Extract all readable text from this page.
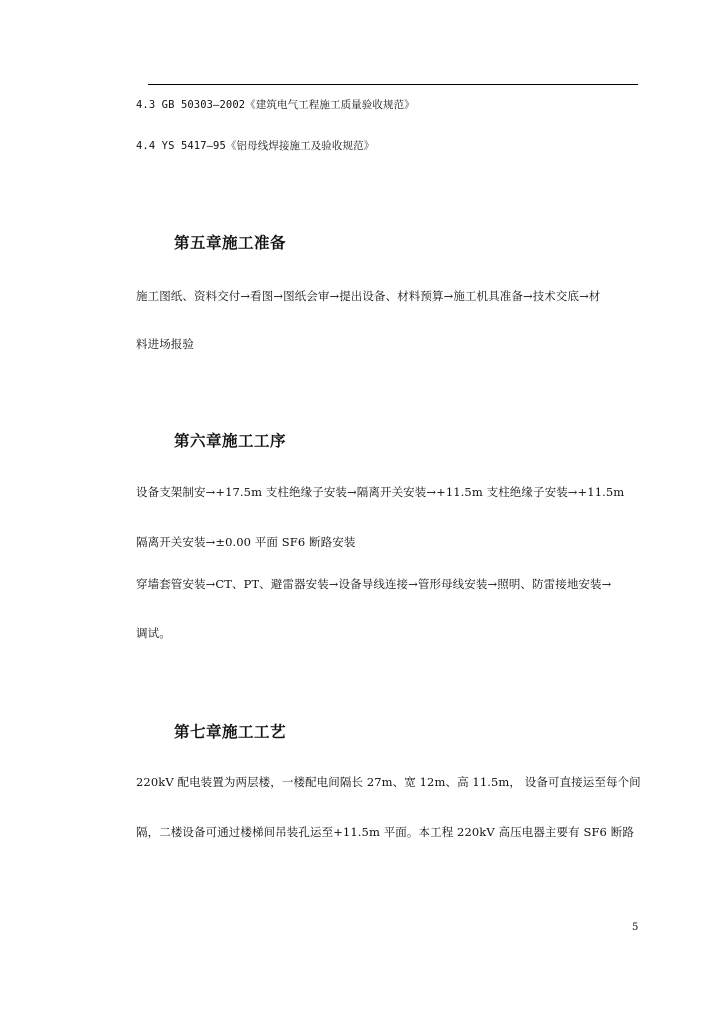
4.3 GB 50303—2002《建筑电气工程施工质量验收规范》
4.4 YS 5417—95《铝母线焊接施工及验收规范》
第五章施工准备
施工图纸、资料交付→看图→图纸会审→提出设备、材料预算→施工机具准备→技术交底→材
料进场报验
第六章施工工序
设备支架制安→+17.5m 支柱绝缘子安装→隔离开关安装→+11.5m 支柱绝缘子安装→+11.5m
隔离开关安装→±0.00 平面 SF6 断路安装
穿墙套管安装→CT、PT、避雷器安装→设备导线连接→管形母线安装→照明、防雷接地安装→
调试。
第七章施工工艺
220kV 配电装置为两层楼，一楼配电间隔长 27m、宽 12m、高 11.5m， 设备可直接运至每个间
隔，二楼设备可通过楼梯间吊装孔运至+11.5m 平面。本工程 220kV 高压电器主要有 SF6 断路
5
